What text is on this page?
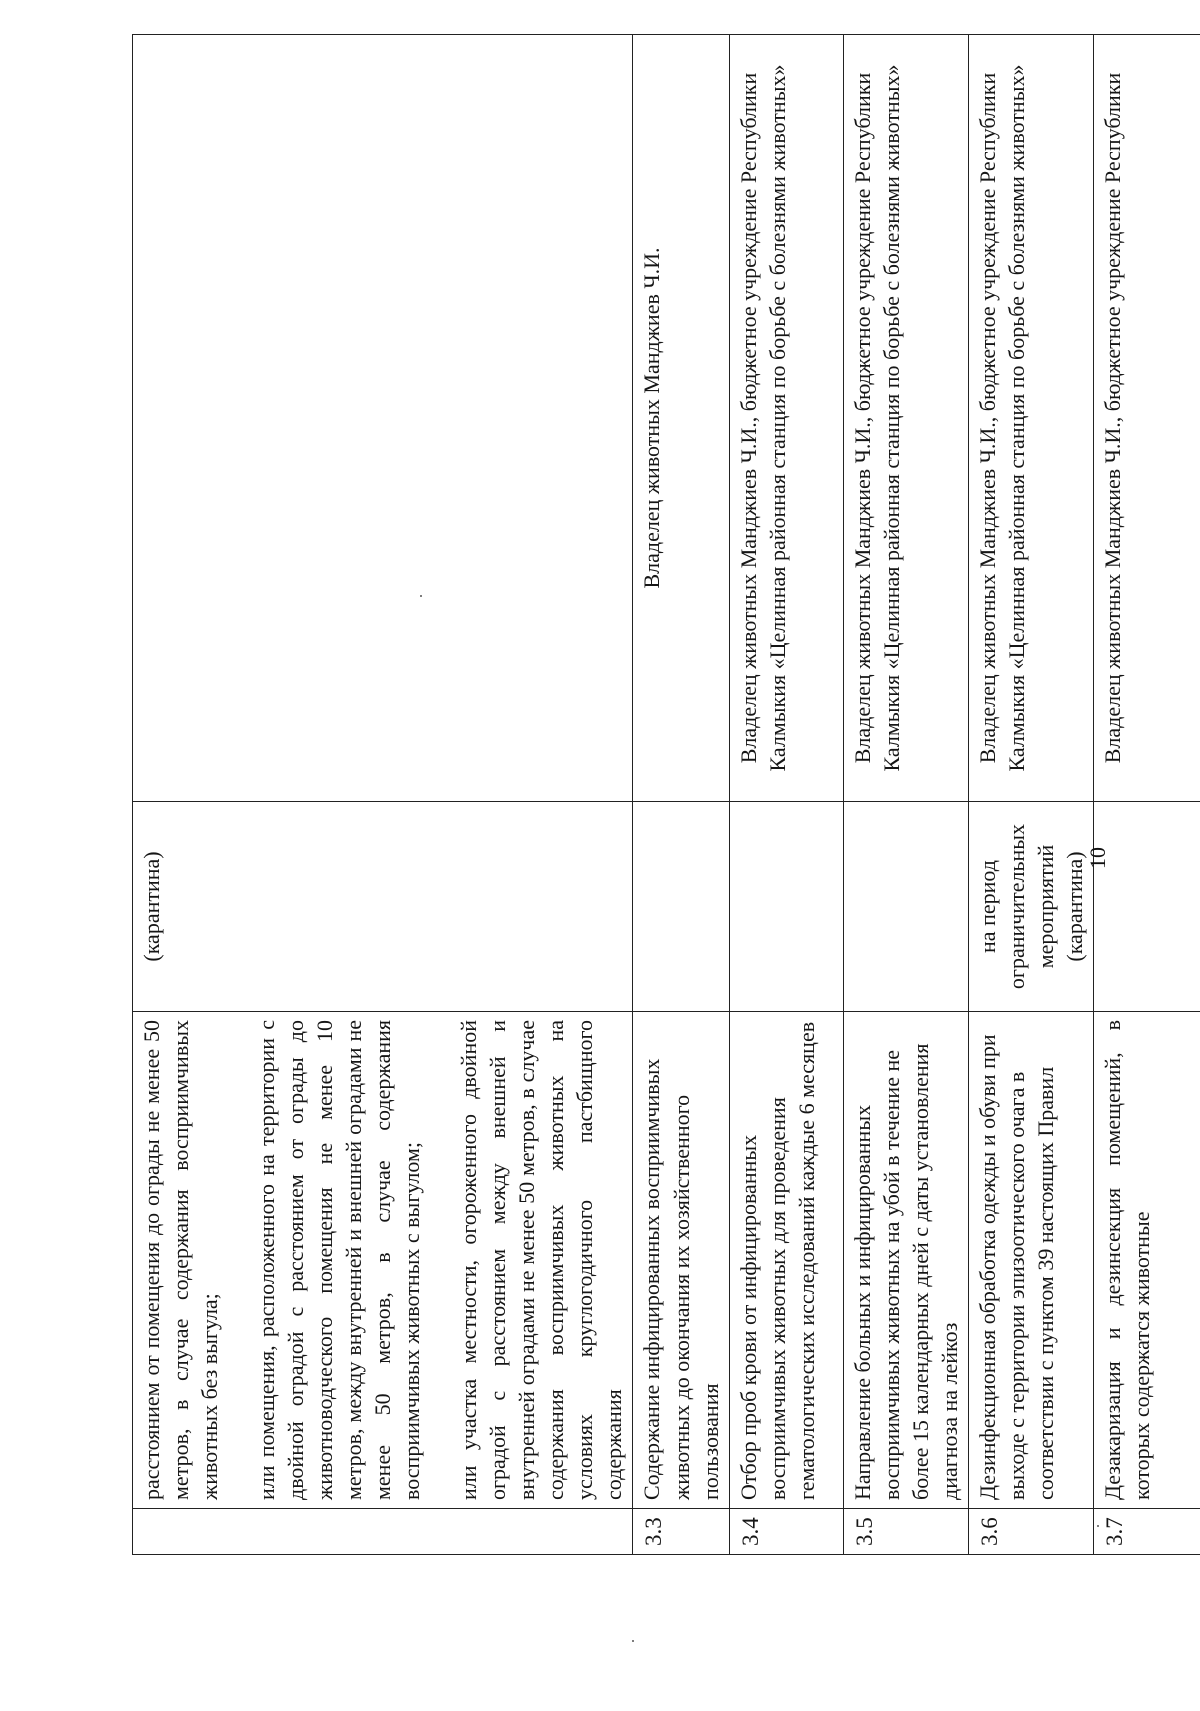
	расстоянием от помещения до ограды не менее 50 метров, в случае содержания восприимчивых животных без выгула; или помещения, расположенного на территории с двойной оградой с расстоянием от ограды до животноводческого помещения не менее 10 метров, между внутренней и внешней оградами не менее 50 метров, в случае содержания восприимчивых животных с выгулом; или участка местности, огороженного двойной оградой с расстоянием между внешней и внутренней оградами не менее 50 метров, в случае содержания восприимчивых животных на условиях круглогодичного пастбищного содержания	(карантина)	
3.3	Содержание инфицированных восприимчивых животных до окончания их хозяйственного пользования		Владелец животных Манджиев Ч.И.
3.4	Отбор проб крови от инфицированных восприимчивых животных для проведения гематологических исследований каждые 6 месяцев		Владелец животных Манджиев Ч.И., бюджетное учреждение Республики Калмыкия «Целинная районная станция по борьбе с болезнями животных»
3.5	Направление больных и инфицированных восприимчивых животных на убой в течение не более 15 календарных дней с даты установления диагноза на лейкоз		Владелец животных Манджиев Ч.И., бюджетное учреждение Республики Калмыкия «Целинная районная станция по борьбе с болезнями животных»
3.6	Дезинфекционная обработка одежды и обуви при выходе с территории эпизоотического очага в соответствии с пунктом 39 настоящих Правил	на период ограничительных мероприятий (карантина)	Владелец животных Манджиев Ч.И., бюджетное учреждение Республики Калмыкия «Целинная районная станция по борьбе с болезнями животных»
3.7	Дезакаризация и дезинсекция помещений, в которых содержатся животные		Владелец животных Манджиев Ч.И., бюджетное учреждение Республики
10
